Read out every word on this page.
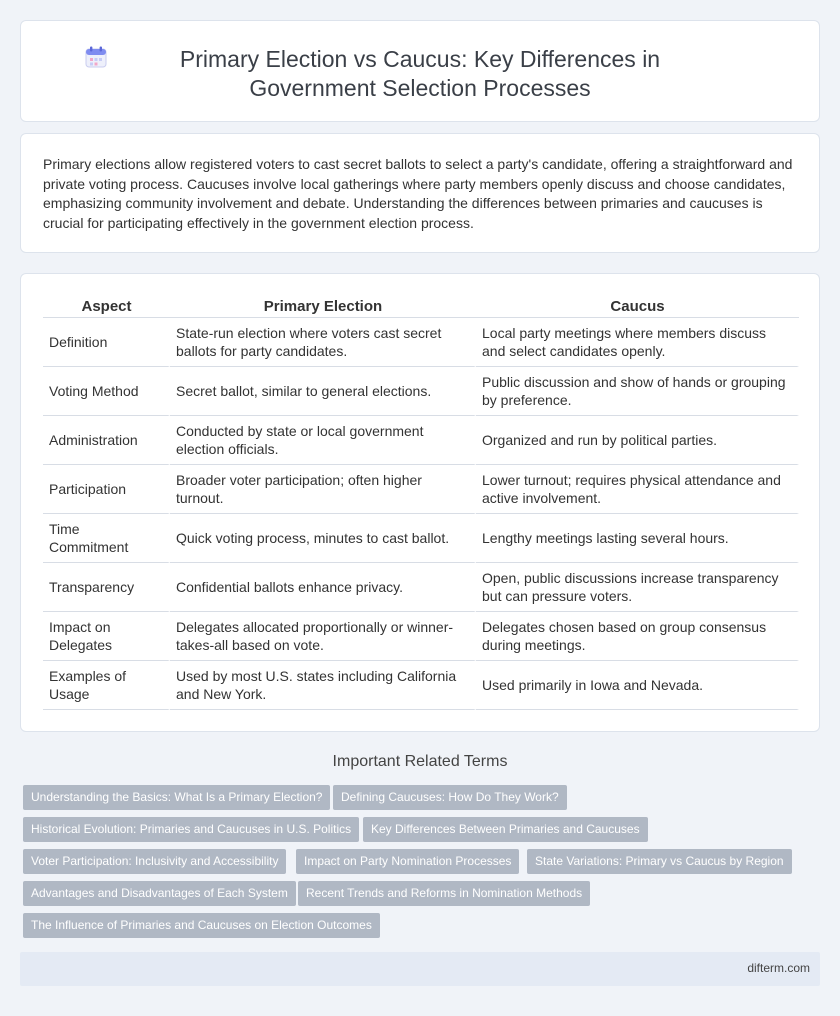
Primary Election vs Caucus: Key Differences in Government Selection Processes

Primary elections allow registered voters to cast secret ballots to select a party's candidate, offering a straightforward and private voting process. Caucuses involve local gatherings where party members openly discuss and choose candidates, emphasizing community involvement and debate. Understanding the differences between primaries and caucuses is crucial for participating effectively in the government election process.

Aspect	Primary Election	Caucus
Definition	State-run election where voters cast secret ballots for party candidates.	Local party meetings where members discuss and select candidates openly.
Voting Method	Secret ballot, similar to general elections.	Public discussion and show of hands or grouping by preference.
Administration	Conducted by state or local government election officials.	Organized and run by political parties.
Participation	Broader voter participation; often higher turnout.	Lower turnout; requires physical attendance and active involvement.
Time Commitment	Quick voting process, minutes to cast ballot.	Lengthy meetings lasting several hours.
Transparency	Confidential ballots enhance privacy.	Open, public discussions increase transparency but can pressure voters.
Impact on Delegates	Delegates allocated proportionally or winner-takes-all based on vote.	Delegates chosen based on group consensus during meetings.
Examples of Usage	Used by most U.S. states including California and New York.	Used primarily in Iowa and Nevada.
Important Related Terms
Understanding the Basics: What Is a Primary Election?	Defining Caucuses: How Do They Work?
Historical Evolution: Primaries and Caucuses in U.S. Politics	Key Differences Between Primaries and Caucuses
Voter Participation: Inclusivity and Accessibility	Impact on Party Nomination Processes	State Variations: Primary vs Caucus by Region
Advantages and Disadvantages of Each System	Recent Trends and Reforms in Nomination Methods
The Influence of Primaries and Caucuses on Election Outcomes
difterm.com
